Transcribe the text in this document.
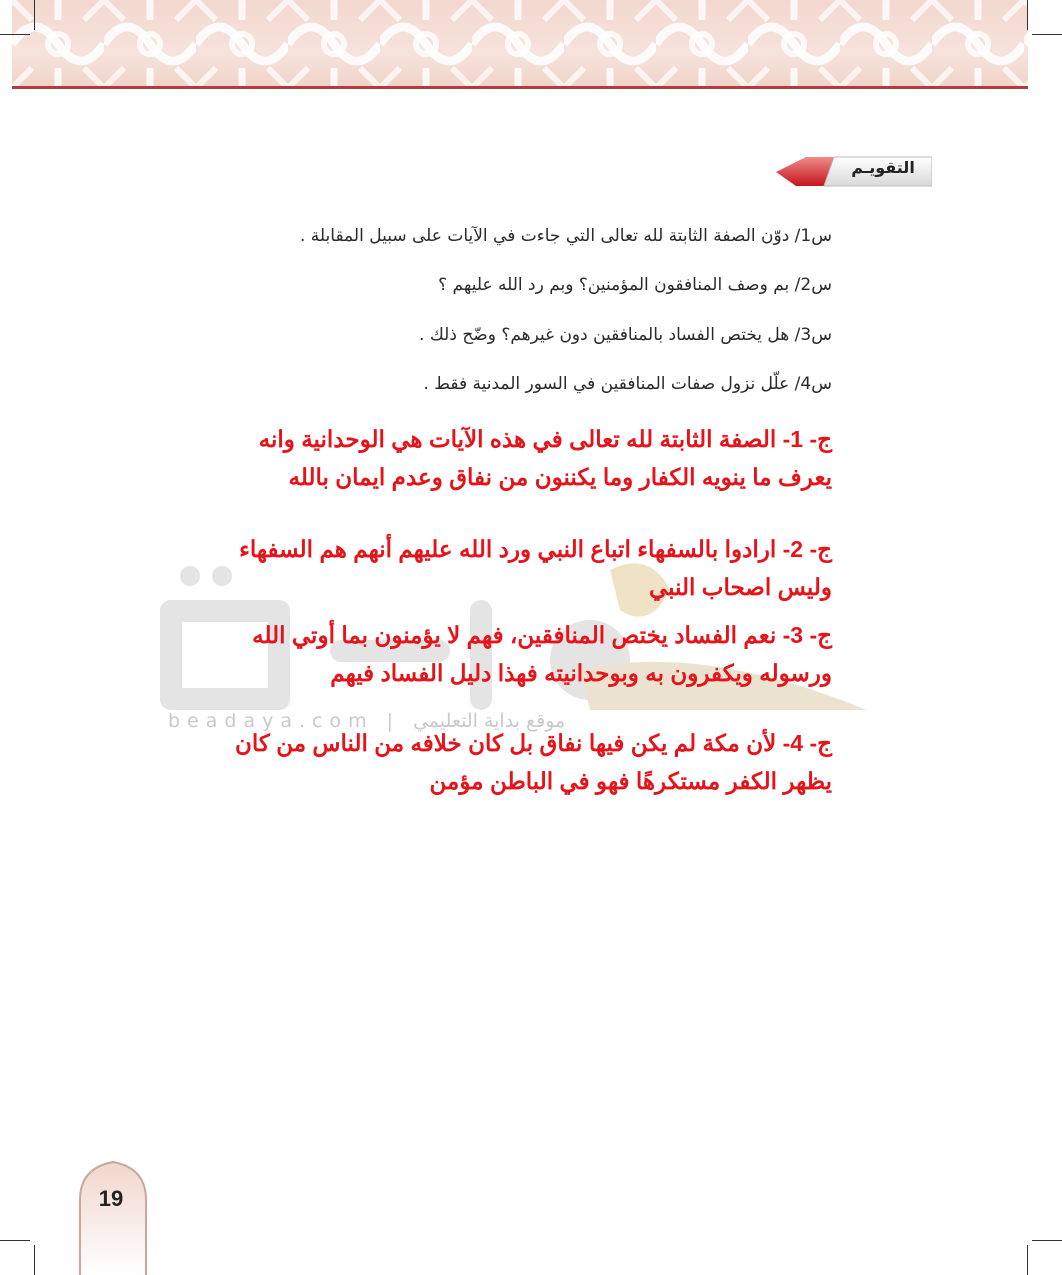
التقويـم
س1/ دوّن الصفة الثابتة لله تعالى التي جاءت في الآيات على سبيل المقابلة .
س2/ بم وصف المنافقون المؤمنين؟ وبم رد الله عليهم ؟
س3/ هل يختص الفساد بالمنافقين دون غيرهم؟ وضّح ذلك .
س4/ علّل نزول صفات المنافقين في السور المدنية فقط .
beadaya.com | موقع بداية التعليمي
ج- 1- الصفة الثابتة لله تعالى في هذه الآيات هي الوحدانية وانه يعرف ما ينويه الكفار وما يكننون من نفاق وعدم ايمان بالله
ج- 2- ارادوا بالسفهاء اتباع النبي ورد الله عليهم أنهم هم السفهاء وليس اصحاب النبي
ج- 3- نعم الفساد يختص المنافقين، فهم لا يؤمنون بما أوتي الله ورسوله ويكفرون به وبوحدانيته فهذا دليل الفساد فيهم
ج- 4- لأن مكة لم يكن فيها نفاق بل كان خلافه من الناس من كان يظهر الكفر مستكرهًا فهو في الباطن مؤمن
19
